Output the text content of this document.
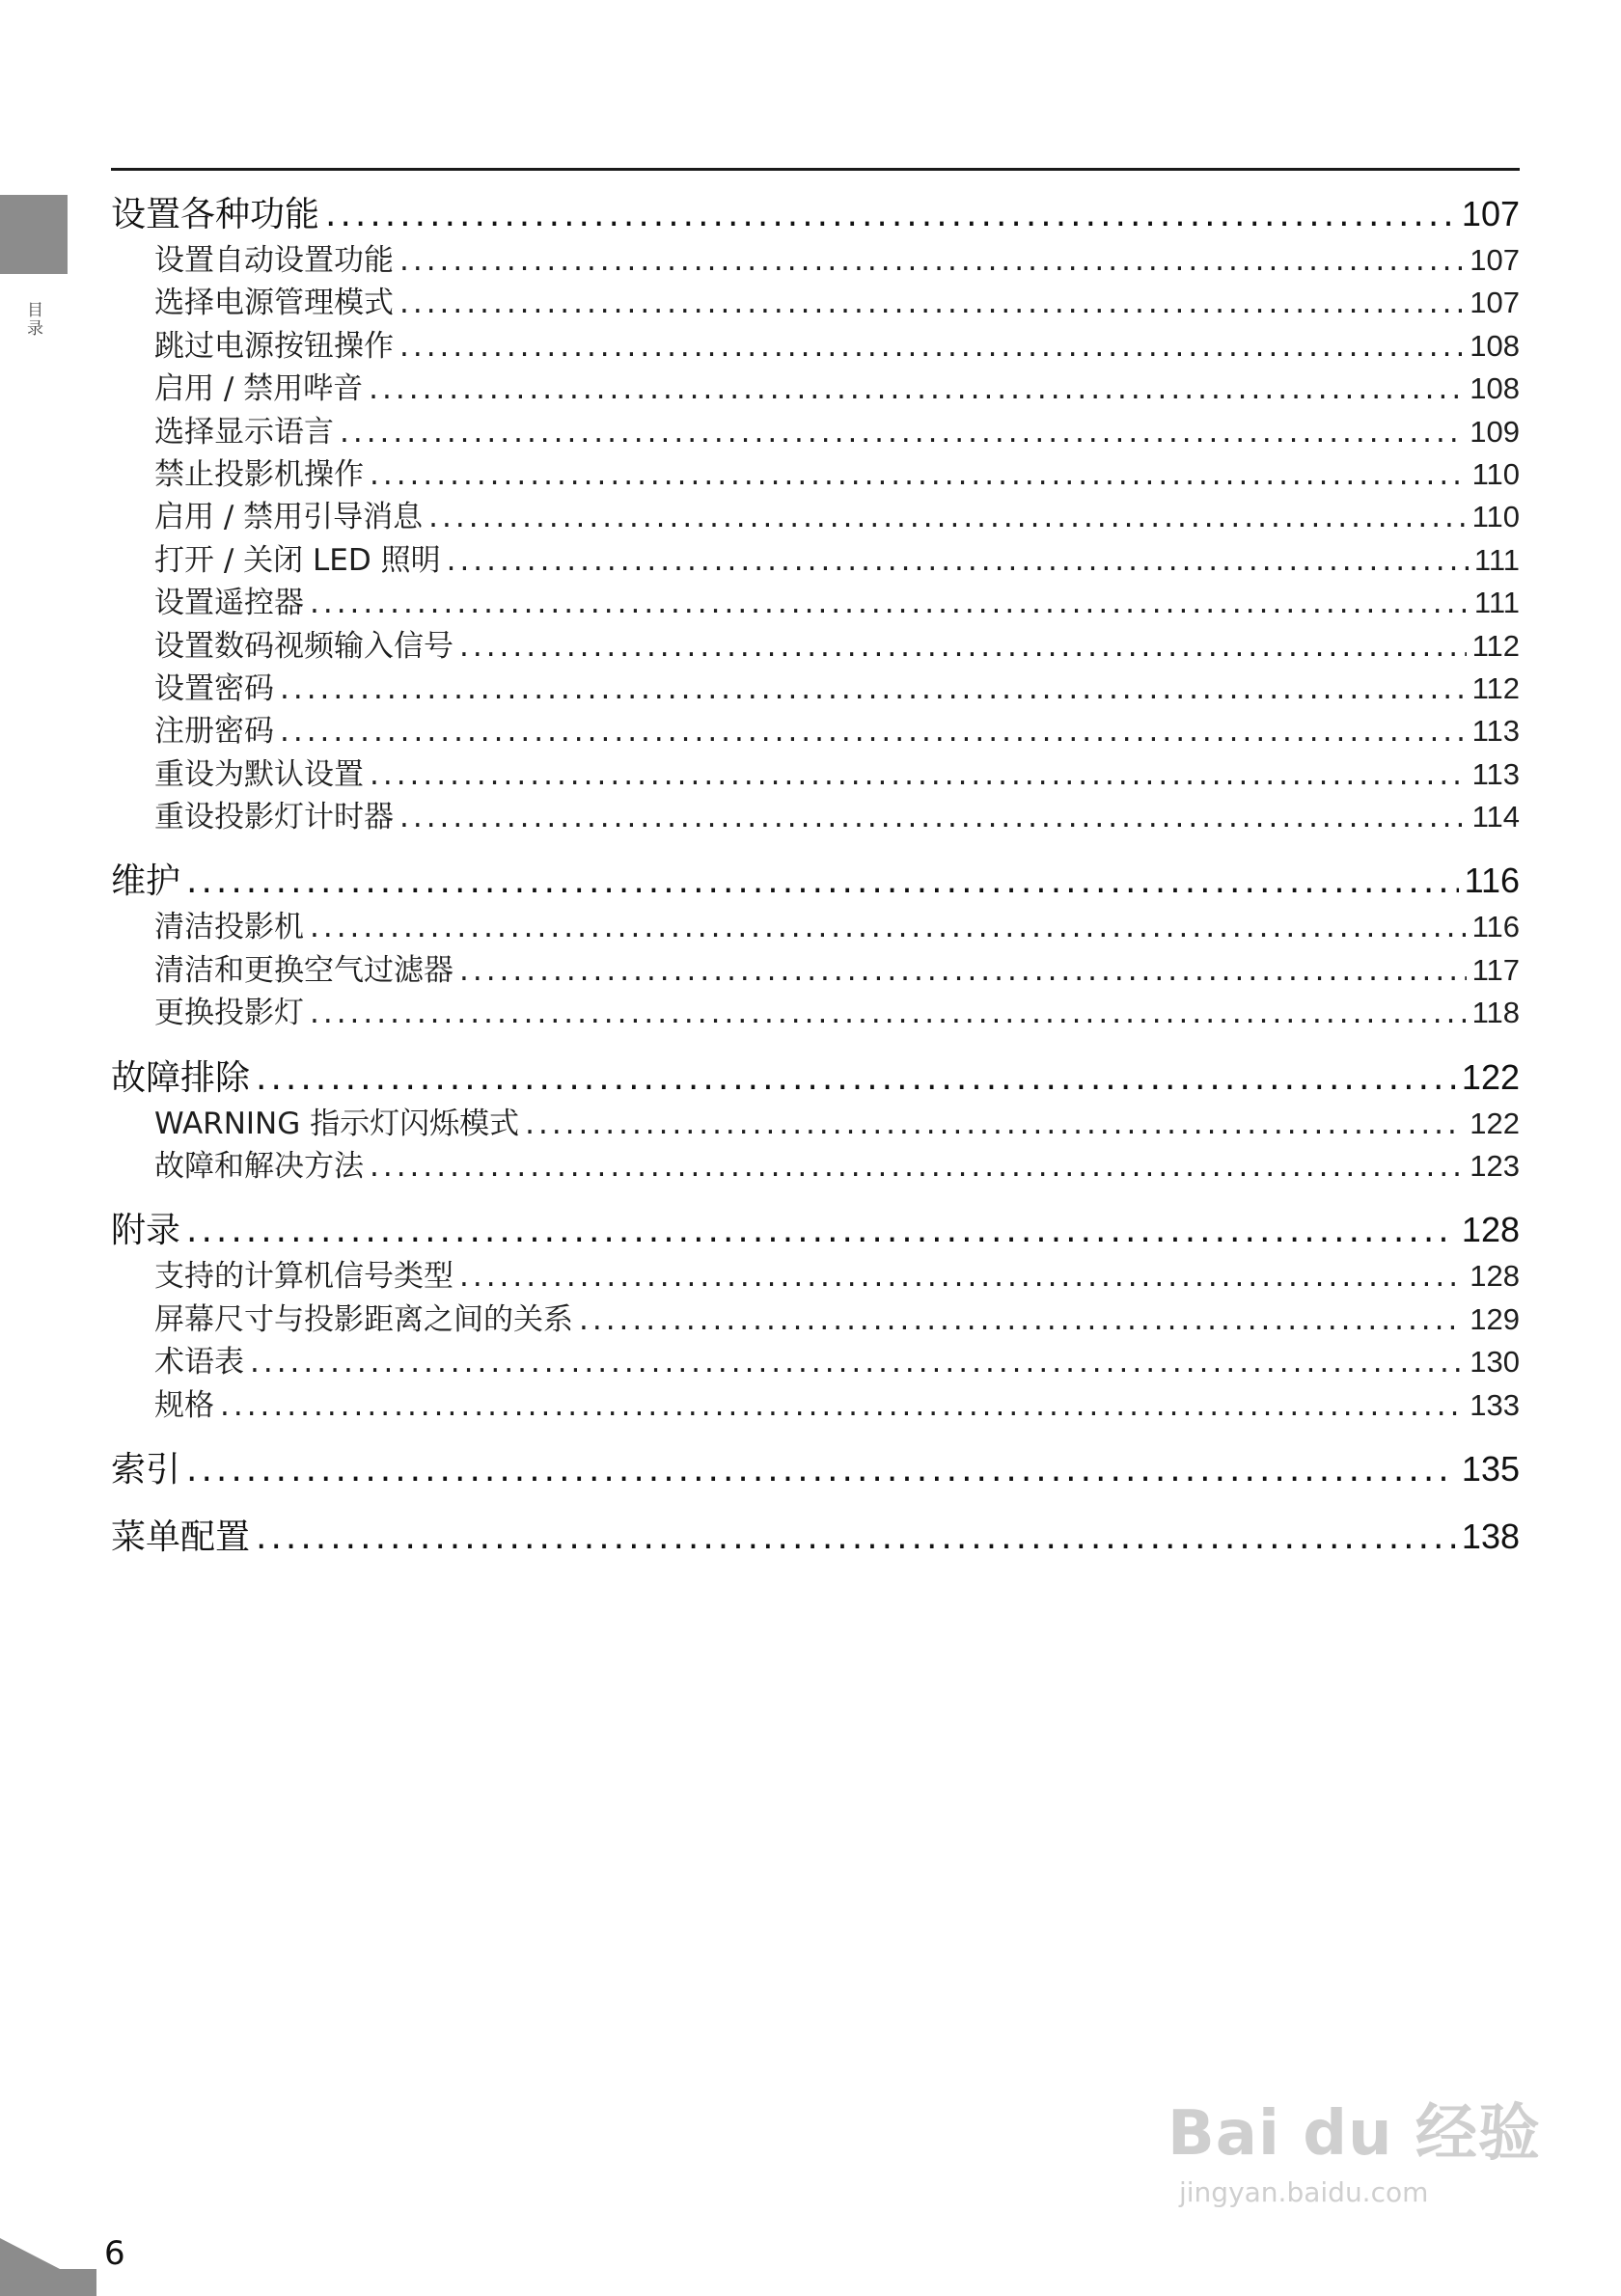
目录
设置各种功能 .....	107
设置自动设置功能 .....	107
选择电源管理模式 .....	107
跳过电源按钮操作 .....	108
启用 / 禁用哔音 .....	108
选择显示语言 .....	109
禁止投影机操作 .....	110
启用 / 禁用引导消息 .....	110
打开 / 关闭 LED 照明 .....	111
设置遥控器 .....	111
设置数码视频输入信号 .....	112
设置密码 .....	112
注册密码 .....	113
重设为默认设置 .....	113
重设投影灯计时器 .....	114
维护 .....	116
清洁投影机 .....	116
清洁和更换空气过滤器 .....	117
更换投影灯 .....	118
故障排除 .....	122
WARNING 指示灯闪烁模式 .....	122
故障和解决方法 .....	123
附录 .....	128
支持的计算机信号类型 .....	128
屏幕尺寸与投影距离之间的关系 .....	129
术语表 .....	130
规格 .....	133
索引 .....	135
菜单配置 .....	138
6
Bai du 经验
jingyan.baidu.com
